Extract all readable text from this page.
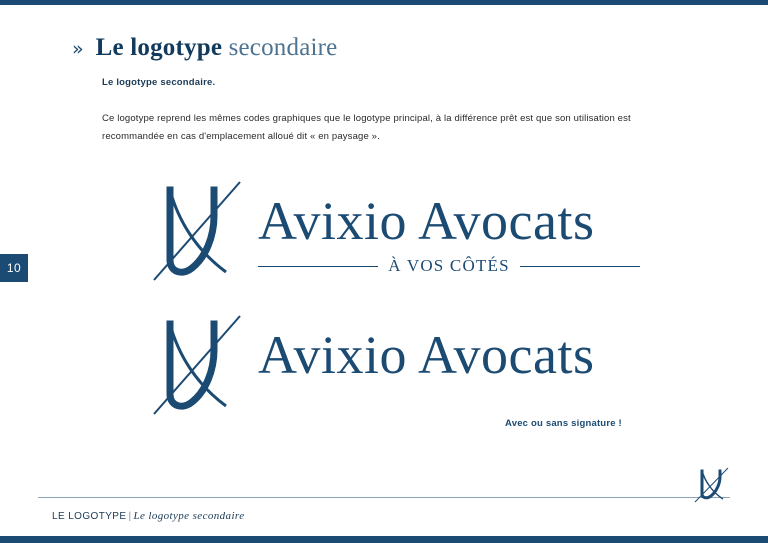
10
» Le logotype secondaire
Le logotype secondaire.
Ce logotype reprend les mêmes codes graphiques que le logotype principal, à la différence prêt est que son utilisation est recommandée en cas d'emplacement alloué dit « en paysage ».
Avixio Avocats
À VOS CÔTÉS
Avixio Avocats
Avec ou sans signature !
LE LOGOTYPE | Le logotype secondaire
